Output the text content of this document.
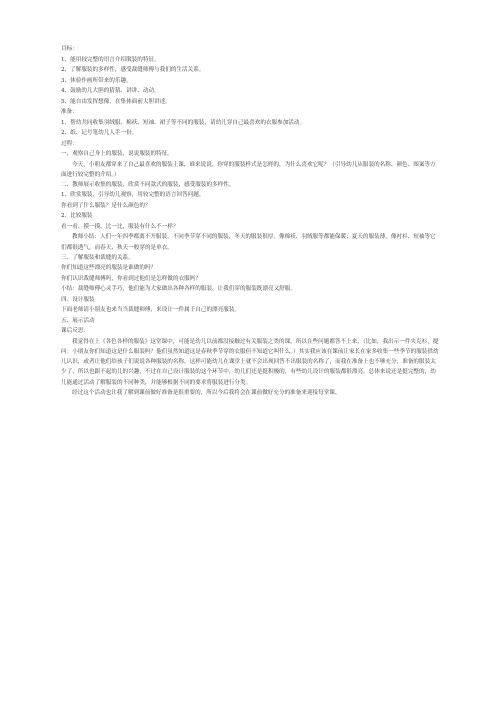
目标：
1、能用较完整的语言介绍服装的特征。
2、了解服装的多样性，感受裁缝师傅与我们的生活关系。
3、体验作画所带来的乐趣。
4、鼓励幼儿大胆的猜猜、讲讲、动动。
5、能自由发挥想像，在集体面前大胆讲述。
准备：
1、帮幼共同收集羽绒服、棉袄、短袖、裙子等不同的服装，请幼儿穿自己最喜欢的衣服参加活动。
2、纸、记号笔幼儿人手一份。
过程：
一、观察自己身上的服装，说说服装的特征。
今天，小朋友都穿来了自己最喜欢的服装上课，谁来说说，你穿的服装样式是怎样的，为什么喜欢它呢？（引导幼儿从服装的名称、颜色、图案等方面进行较完整的介绍。）
二、教师展示收集的服装，欣赏不同款式的服装，感受服装的多样性。
1、欣赏服装，引导幼儿观察，用较完整的语言回答问题。
你看到了什么服装？是什么颜色的？
2、比较服装
看一看、摸一摸、比一比，服装有什么不一样？
教师小结：人们一年四季都离不开服装，不同季节穿不同的服装，冬天的服装很厚，像棉袄、羽绒服等都能保暖；夏天的服装薄，像衬衫、短袖等它们都很透气，而春天、秋天一般穿的是单衣。
三、了解服装和裁缝的关系。
你们知道这些漂亮的服装是谁做的吗？
你们认识裁缝师傅吗，你看到过他们是怎样做的衣服吗？
小结：裁缝师傅心灵手巧，他们能为大家做出各种各样的服装，让我们穿的服装既漂亮又舒服。
四、设计服装
下面老师请小朋友也来当当裁缝师傅，来设计一件属于自己的漂亮服装。
五、展示活动
课后反思：
我觉得在上《各色各样的服装》这堂课中，可能是幼儿以前都没接触过有关服装之类的课，所以在些问题都答不上来，（比如，我出示一件夹克衫，提问：小朋友你们知道这是什么服装吗？他们虽然知道这是春秋季节穿的衣服但不知道它叫什么。）其实我应该在课前让家长在家多收集一些季节的服装供幼儿认识，或者让他们给孩子们说说各种服装的名称，这样可能幼儿在课堂上就不会出现回答不出服装的名称了，而我在准备上也不够充分，准备的服装太少了，所以也跟不起幼儿的兴趣，不过在自己设计服装的这个环节中，幼儿们还是挺积极的，有些幼儿设计的服装都很漂亮。总体来说还是挺完整的，幼儿能通过活动了解服装的不同种类，并能够根据不同的要求将服装进行分类。
经过这个活动也让我了解到课前做好准备是很重要的，所以今后我将会在课前做好充分的准备来迎接每堂课。
